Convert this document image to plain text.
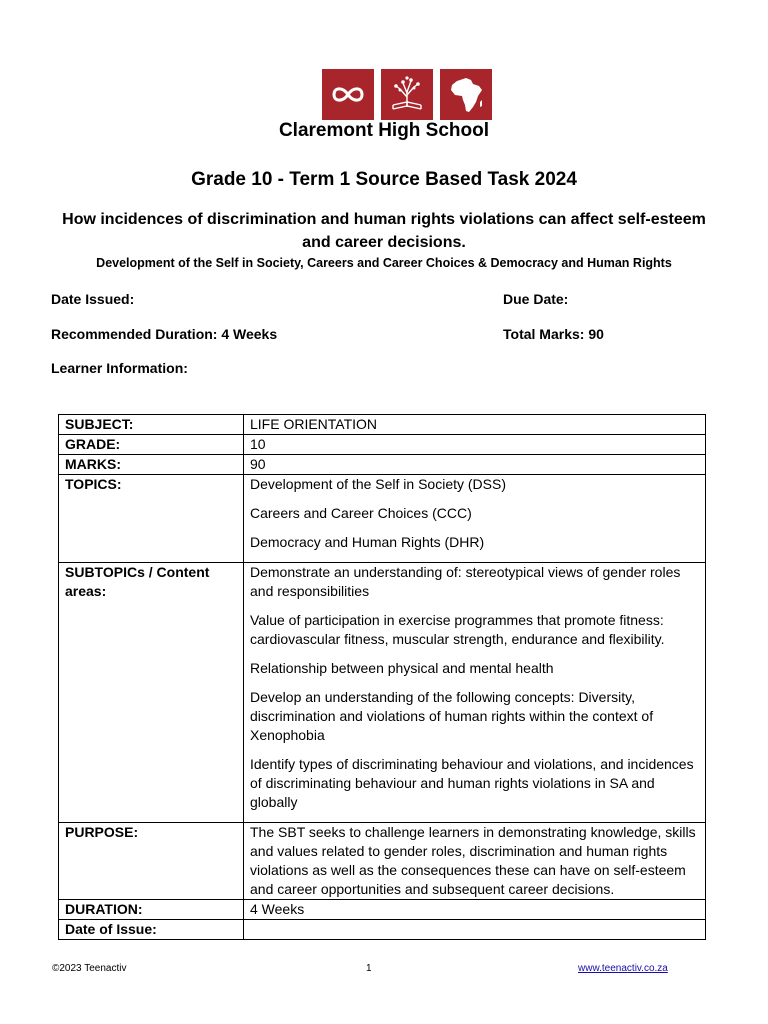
Claremont High School
Grade 10 - Term 1 Source Based Task 2024
How incidences of discrimination and human rights violations can affect self-esteem and career decisions.
Development of the Self in Society, Careers and Career Choices & Democracy and Human Rights
Date Issued:	Due Date:
Recommended Duration: 4 Weeks	Total Marks: 90
Learner Information:
SUBJECT:	LIFE ORIENTATION
GRADE:	10
MARKS:	90
TOPICS:	Development of the Self in Society (DSS)

Careers and Career Choices (CCC)

Democracy and Human Rights (DHR)

SUBTOPICs / Content areas:	Demonstrate an understanding of: stereotypical views of gender roles and responsibilities

Value of participation in exercise programmes that promote fitness: cardiovascular fitness, muscular strength, endurance and flexibility.

Relationship between physical and mental health

Develop an understanding of the following concepts: Diversity, discrimination and violations of human rights within the context of Xenophobia

Identify types of discriminating behaviour and violations, and incidences of discriminating behaviour and human rights violations in SA and globally

PURPOSE:	The SBT seeks to challenge learners in demonstrating knowledge, skills and values related to gender roles, discrimination and human rights violations as well as the consequences these can have on self-esteem and career opportunities and subsequent career decisions.
DURATION:	4 Weeks
Date of Issue:	
©2023 Teenactiv	1	www.teenactiv.co.za
